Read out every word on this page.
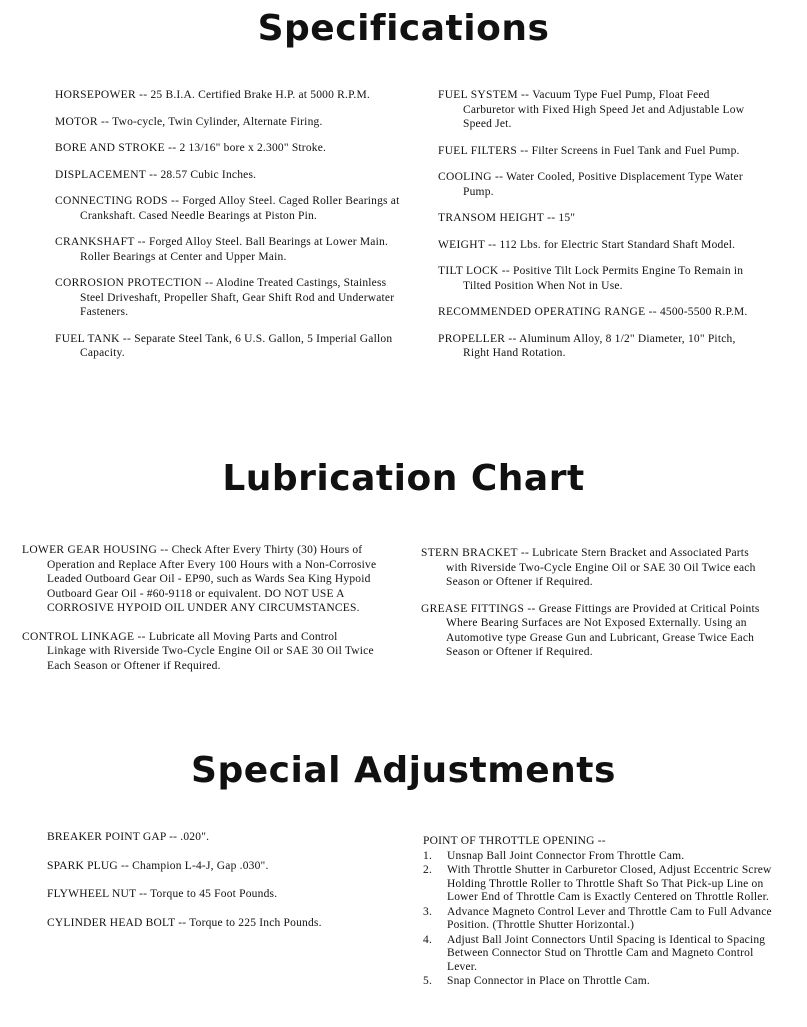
Specifications

HORSEPOWER -- 25 B.I.A. Certified Brake H.P. at 5000 R.P.M.

MOTOR -- Two-cycle, Twin Cylinder, Alternate Firing.

BORE AND STROKE -- 2 13/16" bore x 2.300" Stroke.

DISPLACEMENT -- 28.57 Cubic Inches.

CONNECTING RODS -- Forged Alloy Steel. Caged Roller Bearings at Crankshaft. Cased Needle Bearings at Piston Pin.

CRANKSHAFT -- Forged Alloy Steel. Ball Bearings at Lower Main. Roller Bearings at Center and Upper Main.

CORROSION PROTECTION -- Alodine Treated Castings, Stainless Steel Driveshaft, Propeller Shaft, Gear Shift Rod and Underwater Fasteners.

FUEL TANK -- Separate Steel Tank, 6 U.S. Gallon, 5 Imperial Gallon Capacity.

FUEL SYSTEM -- Vacuum Type Fuel Pump, Float Feed Carburetor with Fixed High Speed Jet and Adjustable Low Speed Jet.

FUEL FILTERS -- Filter Screens in Fuel Tank and Fuel Pump.

COOLING -- Water Cooled, Positive Displacement Type Water Pump.

TRANSOM HEIGHT -- 15"

WEIGHT -- 112 Lbs. for Electric Start Standard Shaft Model.

TILT LOCK -- Positive Tilt Lock Permits Engine To Remain in Tilted Position When Not in Use.

RECOMMENDED OPERATING RANGE -- 4500-5500 R.P.M.

PROPELLER -- Aluminum Alloy, 8 1/2" Diameter, 10" Pitch, Right Hand Rotation.

Lubrication Chart

LOWER GEAR HOUSING -- Check After Every Thirty (30) Hours of Operation and Replace After Every 100 Hours with a Non-Corrosive Leaded Outboard Gear Oil - EP90, such as Wards Sea King Hypoid Outboard Gear Oil - #60-9118 or equivalent. DO NOT USE A CORROSIVE HYPOID OIL UNDER ANY CIRCUMSTANCES.

CONTROL LINKAGE -- Lubricate all Moving Parts and Control Linkage with Riverside Two-Cycle Engine Oil or SAE 30 Oil Twice Each Season or Oftener if Required.

STERN BRACKET -- Lubricate Stern Bracket and Associated Parts with Riverside Two-Cycle Engine Oil or SAE 30 Oil Twice each Season or Oftener if Required.

GREASE FITTINGS -- Grease Fittings are Provided at Critical Points Where Bearing Surfaces are Not Exposed Externally. Using an Automotive type Grease Gun and Lubricant, Grease Twice Each Season or Oftener if Required.

Special Adjustments

BREAKER POINT GAP -- .020".

SPARK PLUG -- Champion L-4-J, Gap .030".

FLYWHEEL NUT -- Torque to 45 Foot Pounds.

CYLINDER HEAD BOLT -- Torque to 225 Inch Pounds.

POINT OF THROTTLE OPENING --

1. Unsnap Ball Joint Connector From Throttle Cam.
2. With Throttle Shutter in Carburetor Closed, Adjust Eccentric Screw Holding Throttle Roller to Throttle Shaft So That Pick-up Line on Lower End of Throttle Cam is Exactly Centered on Throttle Roller.
3. Advance Magneto Control Lever and Throttle Cam to Full Advance Position. (Throttle Shutter Horizontal.)
4. Adjust Ball Joint Connectors Until Spacing is Identical to Spacing Between Connector Stud on Throttle Cam and Magneto Control Lever.
5. Snap Connector in Place on Throttle Cam.
